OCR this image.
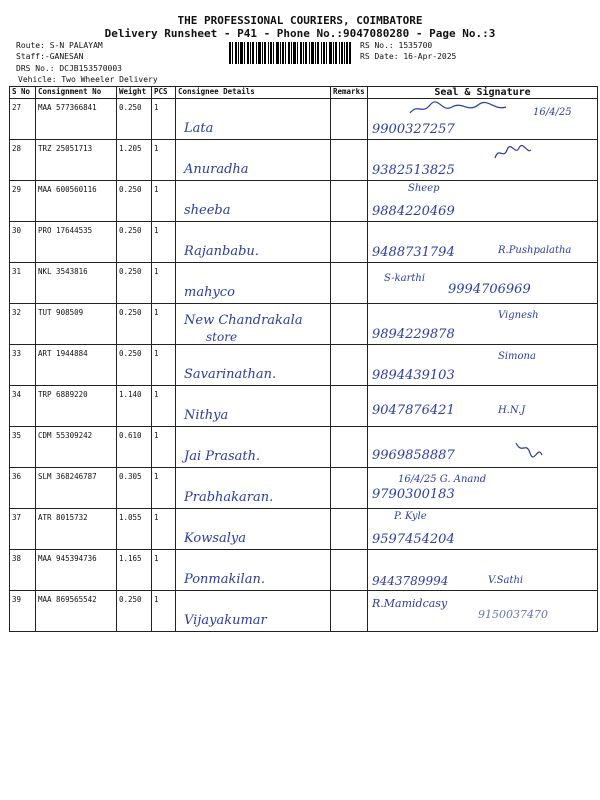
THE PROFESSIONAL COURIERS, COIMBATORE
Delivery Runsheet - P41 - Phone No.:9047080280 - Page No.:3
Route: S-N PALAYAM
Staff:-GANESAN
DRS No.: DCJB153570003
Vehicle: Two Wheeler Delivery
RS No.: 1535700
RS Date: 16-Apr-2025
S No	Consignment No	Weight	PCS	Consignee Details	Remarks	Seal & Signature
27	MAA 577366841	0.250	1	Lata		16/4/25
9900327257

28	TRZ 25051713	1.205	1	Anuradha		9382513825

29	MAA 600560116	0.250	1	sheeba		Sheep
9884220469

30	PRO 17644535	0.250	1	Rajanbabu.		9488731794 R.Pushpalatha

31	NKL 3543816	0.250	1	mahyco		S-karthi
9994706969

32	TUT 908509	0.250	1	New Chandrakala
store		9894229878
Vignesh

33	ART 1944884	0.250	1	Savarinathan.		9894439103
Simona

34	TRP 6889220	1.140	1	Nithya		9047876421 H.N.J

35	CDM 55309242	0.610	1	Jai Prasath.		9969858887

36	SLM 368246787	0.305	1	Prabhakaran.		16/4/25 G. Anand
9790300183

37	ATR 8015732	1.055	1	Kowsalya		P. Kyle
9597454204

38	MAA 945394736	1.165	1	Ponmakilan.		9443789994 V.Sathi

39	MAA 869565542	0.250	1	Vijayakumar		R.Mamidcasy
9150037470
